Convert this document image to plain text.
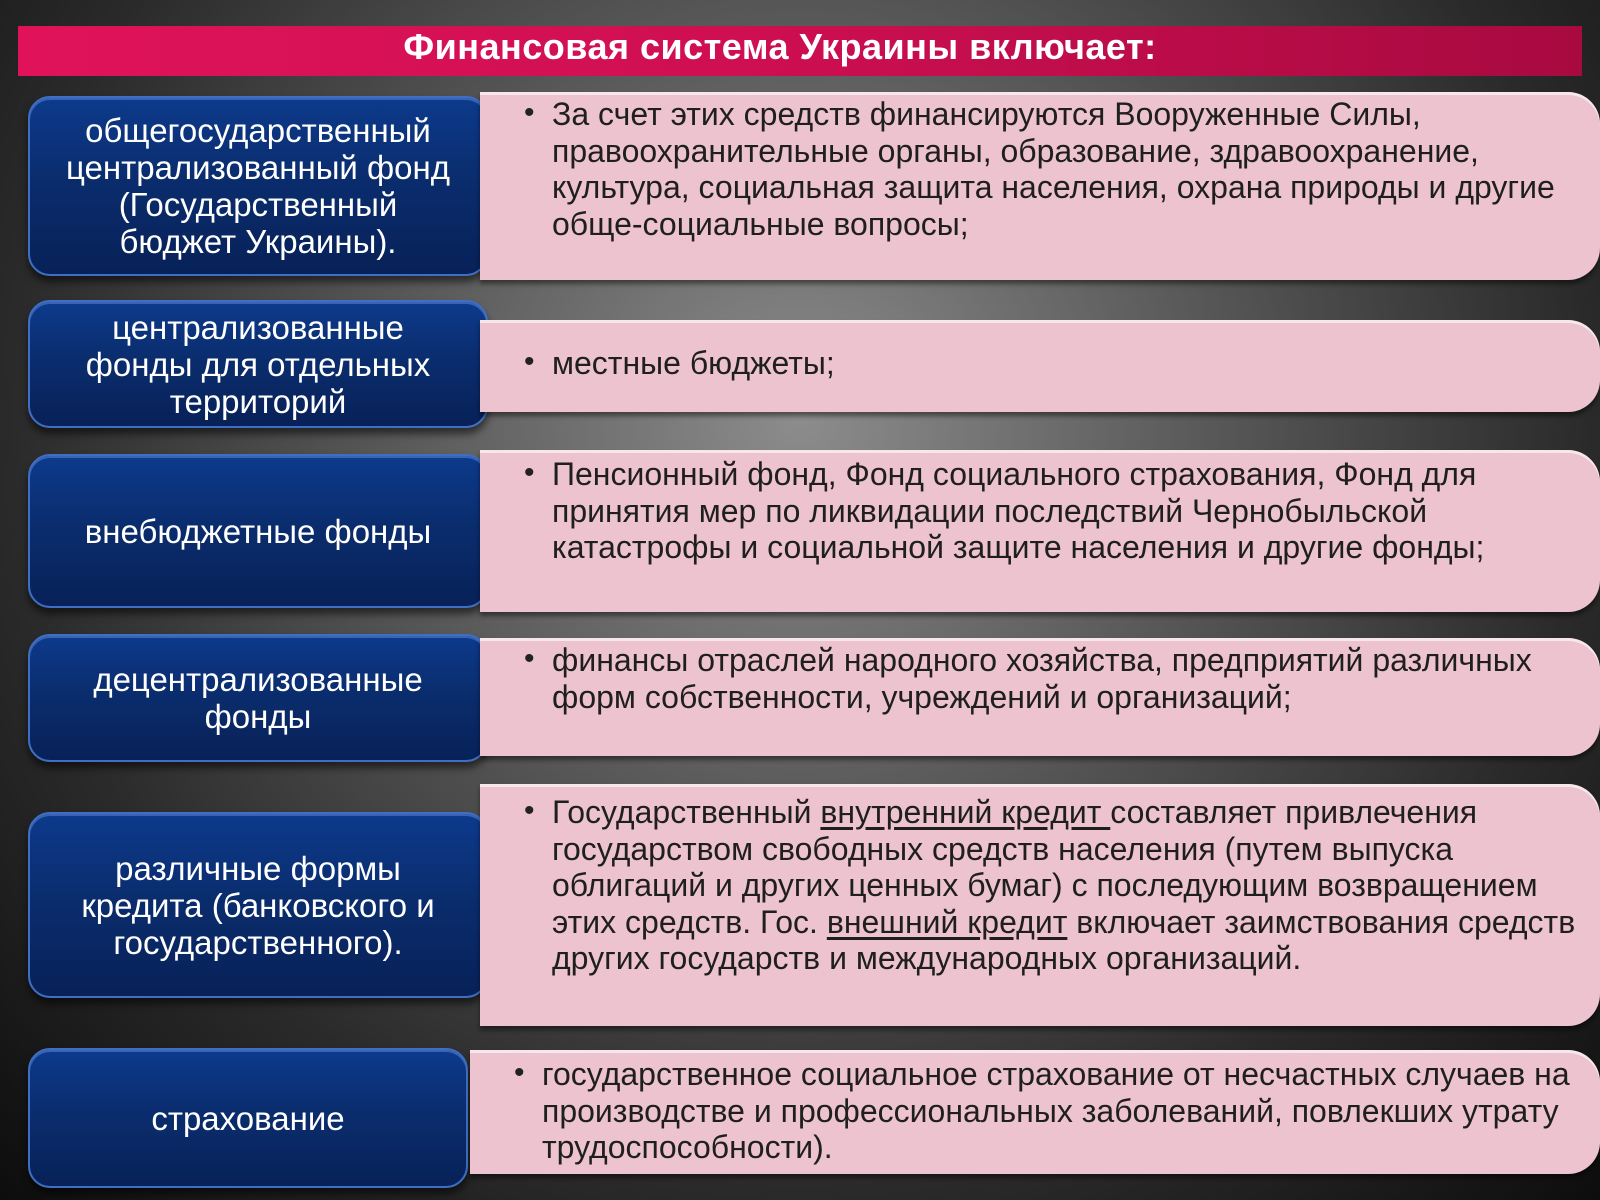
Финансовая система Украины включает:
общегосударственный централизованный фонд (Государственный бюджет Украины).
• За счет этих средств финансируются Вооруженные Силы, правоохранительные органы, образование, здравоохранение, культура, социальная защита населения, охрана природы и другие обще-социальные вопросы;
централизованные фонды для отдельных территорий
• местные бюджеты;
внебюджетные фонды
• Пенсионный фонд, Фонд социального страхования, Фонд для принятия мер по ликвидации последствий Чернобыльской катастрофы и социальной защите населения и другие фонды;
децентрализованные фонды
• финансы отраслей народного хозяйства, предприятий различных форм собственности, учреждений и организаций;
различные формы кредита (банковского и государственного).
• Государственный внутренний кредит составляет привлечения государством свободных средств населения (путем выпуска облигаций и других ценных бумаг) с последующим возвращением этих средств. Гос. внешний кредит включает заимствования средств других государств и международных организаций.
страхование
• государственное социальное страхование от несчастных случаев на производстве и профессиональных заболеваний, повлекших утрату трудоспособности).
